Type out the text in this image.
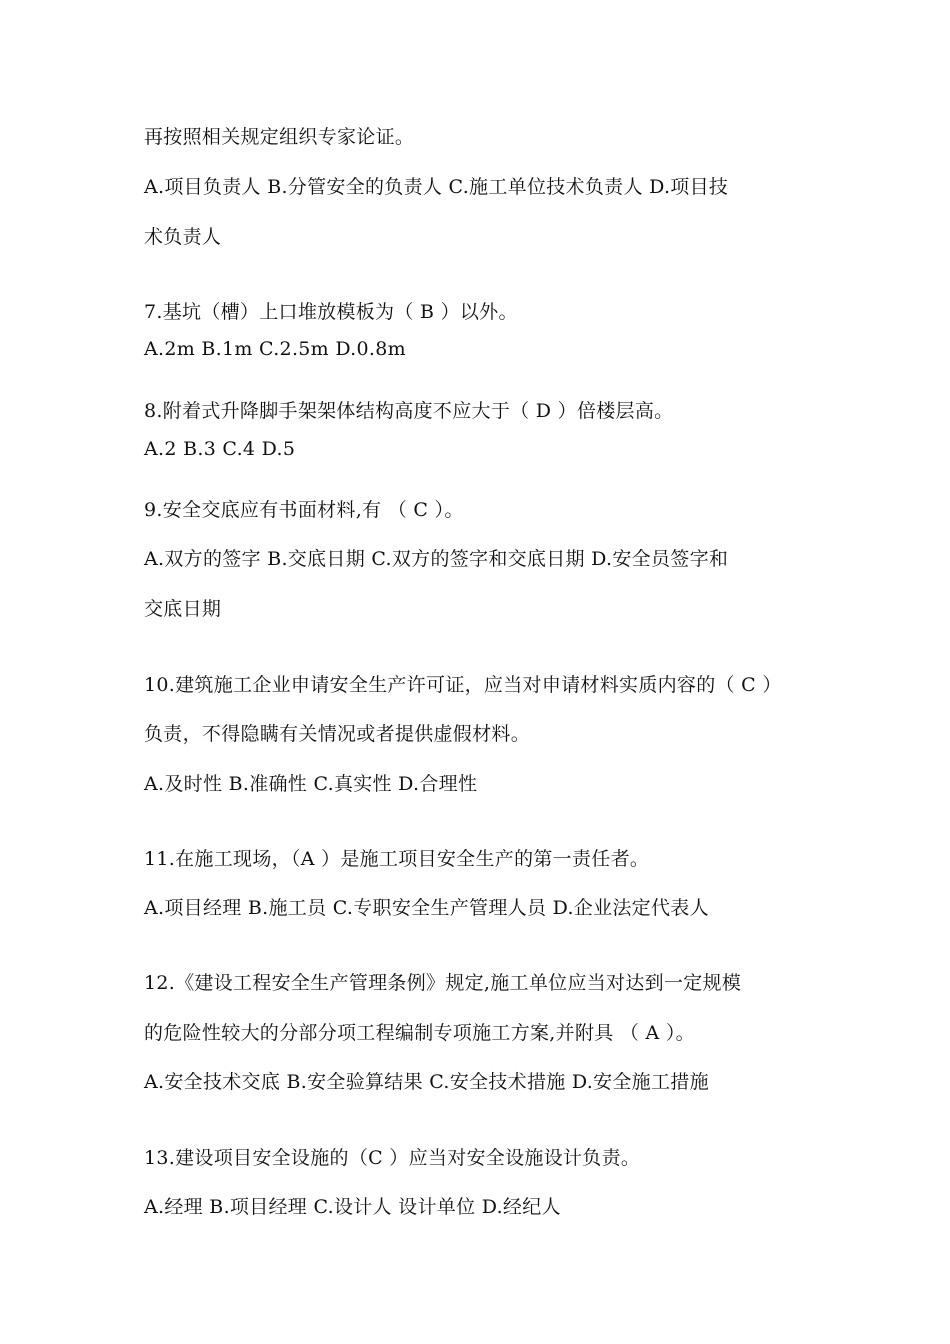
再按照相关规定组织专家论证。
A.项目负责人 B.分管安全的负责人 C.施工单位技术负责人 D.项目技
术负责人
7.基坑（槽）上口堆放模板为（ B ）以外。
A.2m B.1m C.2.5m D.0.8m
8.附着式升降脚手架架体结构高度不应大于（ D ）倍楼层高。
A.2 B.3 C.4 D.5
9.安全交底应有书面材料,有 （ C ）。
A.双方的签字 B.交底日期 C.双方的签字和交底日期 D.安全员签字和
交底日期
10.建筑施工企业申请安全生产许可证，应当对申请材料实质内容的（ C ）
负责，不得隐瞒有关情况或者提供虚假材料。
A.及时性 B.准确性 C.真实性 D.合理性
11.在施工现场，（A ）是施工项目安全生产的第一责任者。
A.项目经理 B.施工员 C.专职安全生产管理人员 D.企业法定代表人
12.《建设工程安全生产管理条例》规定,施工单位应当对达到一定规模
的危险性较大的分部分项工程编制专项施工方案,并附具 （ A ）。
A.安全技术交底 B.安全验算结果 C.安全技术措施 D.安全施工措施
13.建设项目安全设施的（C ）应当对安全设施设计负责。
A.经理 B.项目经理 C.设计人 设计单位 D.经纪人
